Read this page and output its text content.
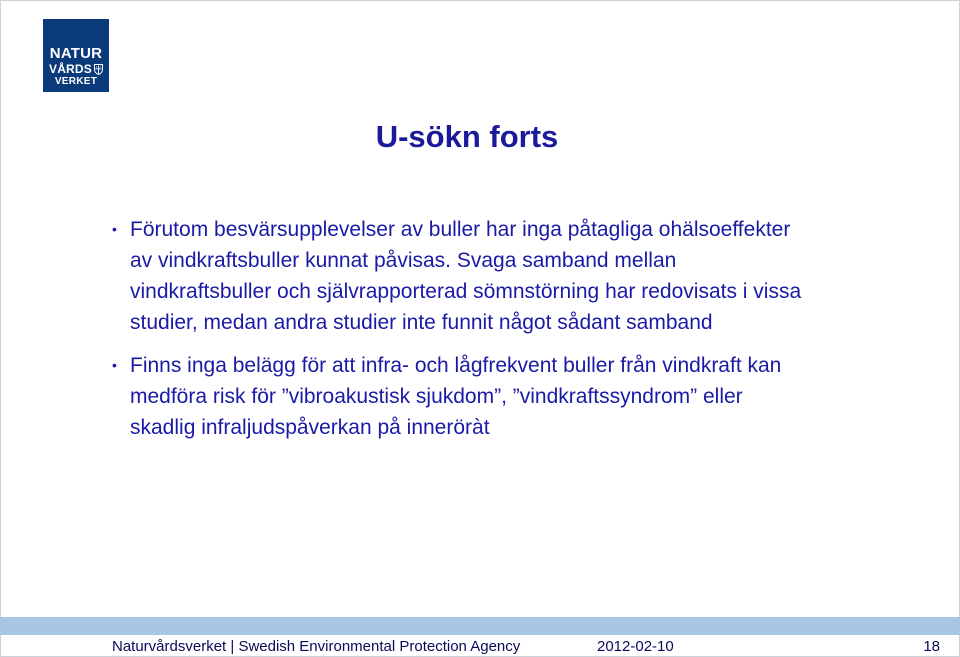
NATUR
VÅRDS
VERKET
U-sökn forts
• Förutom besvärsupplevelser av buller har inga påtagliga ohälsoeffekter av vindkraftsbuller kunnat påvisas. Svaga samband mellan vindkraftsbuller och självrapporterad sömnstörning har redovisats i vissa studier, medan andra studier inte funnit något sådant samband
• Finns inga belägg för att infra- och lågfrekvent buller från vindkraft kan medföra risk för ”vibroakustisk sjukdom”, ”vindkraftssyndrom” eller skadlig infraljudspåverkan på inneröràt
Naturvårdsverket | Swedish Environmental Protection Agency	2012-02-10	18
